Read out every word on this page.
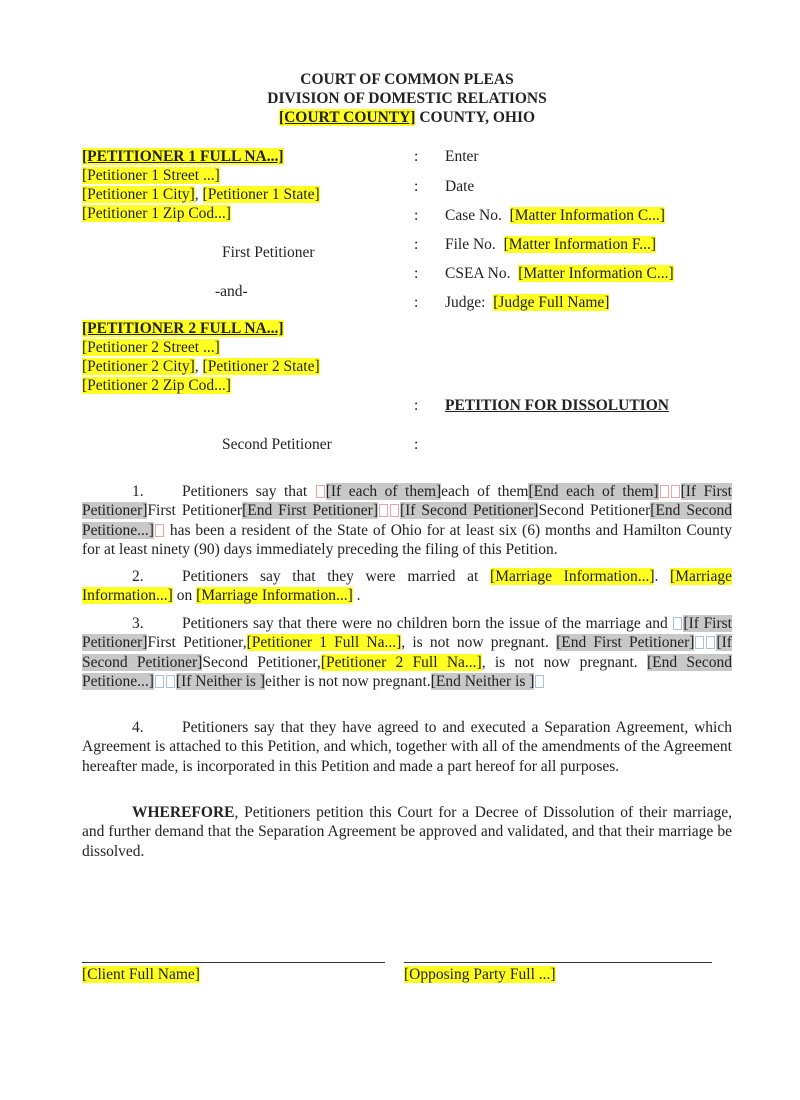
COURT OF COMMON PLEAS
DIVISION OF DOMESTIC RELATIONS
[COURT COUNTY] COUNTY, OHIO
[PETITIONER 1 FULL NA...]
[Petitioner 1 Street ...]
[Petitioner 1 City], [Petitioner 1 State]
[Petitioner 1 Zip Cod...]
First Petitioner
-and-
[PETITIONER 2 FULL NA...]
[Petitioner 2 Street ...]
[Petitioner 2 City], [Petitioner 2 State]
[Petitioner 2 Zip Cod...]
Second Petitioner
:
:
:
:
:
:
:
:
Enter
Date
Case No. [Matter Information C...]
File No. [Matter Information F...]
CSEA No. [Matter Information C...]
Judge: [Judge Full Name]
PETITION FOR DISSOLUTION
1. Petitioners say that [If each of them]each of them[End each of them] [If First Petitioner]First Petitioner[End First Petitioner] [If Second Petitioner]Second Petitioner[End Second Petitione...] has been a resident of the State of Ohio for at least six (6) months and Hamilton County for at least ninety (90) days immediately preceding the filing of this Petition.
2. Petitioners say that they were married at [Marriage Information...]. [Marriage Information...] on [Marriage Information...] .
3. Petitioners say that there were no children born the issue of the marriage and [If First Petitioner]First Petitioner,[Petitioner 1 Full Na...], is not now pregnant. [End First Petitioner] [If Second Petitioner]Second Petitioner,[Petitioner 2 Full Na...], is not now pregnant. [End Second Petitione...] [If Neither is ]either is not now pregnant.[End Neither is ]
4. Petitioners say that they have agreed to and executed a Separation Agreement, which Agreement is attached to this Petition, and which, together with all of the amendments of the Agreement hereafter made, is incorporated in this Petition and made a part hereof for all purposes.
WHEREFORE, Petitioners petition this Court for a Decree of Dissolution of their marriage, and further demand that the Separation Agreement be approved and validated, and that their marriage be dissolved.
[Client Full Name]	[Opposing Party Full ...]
